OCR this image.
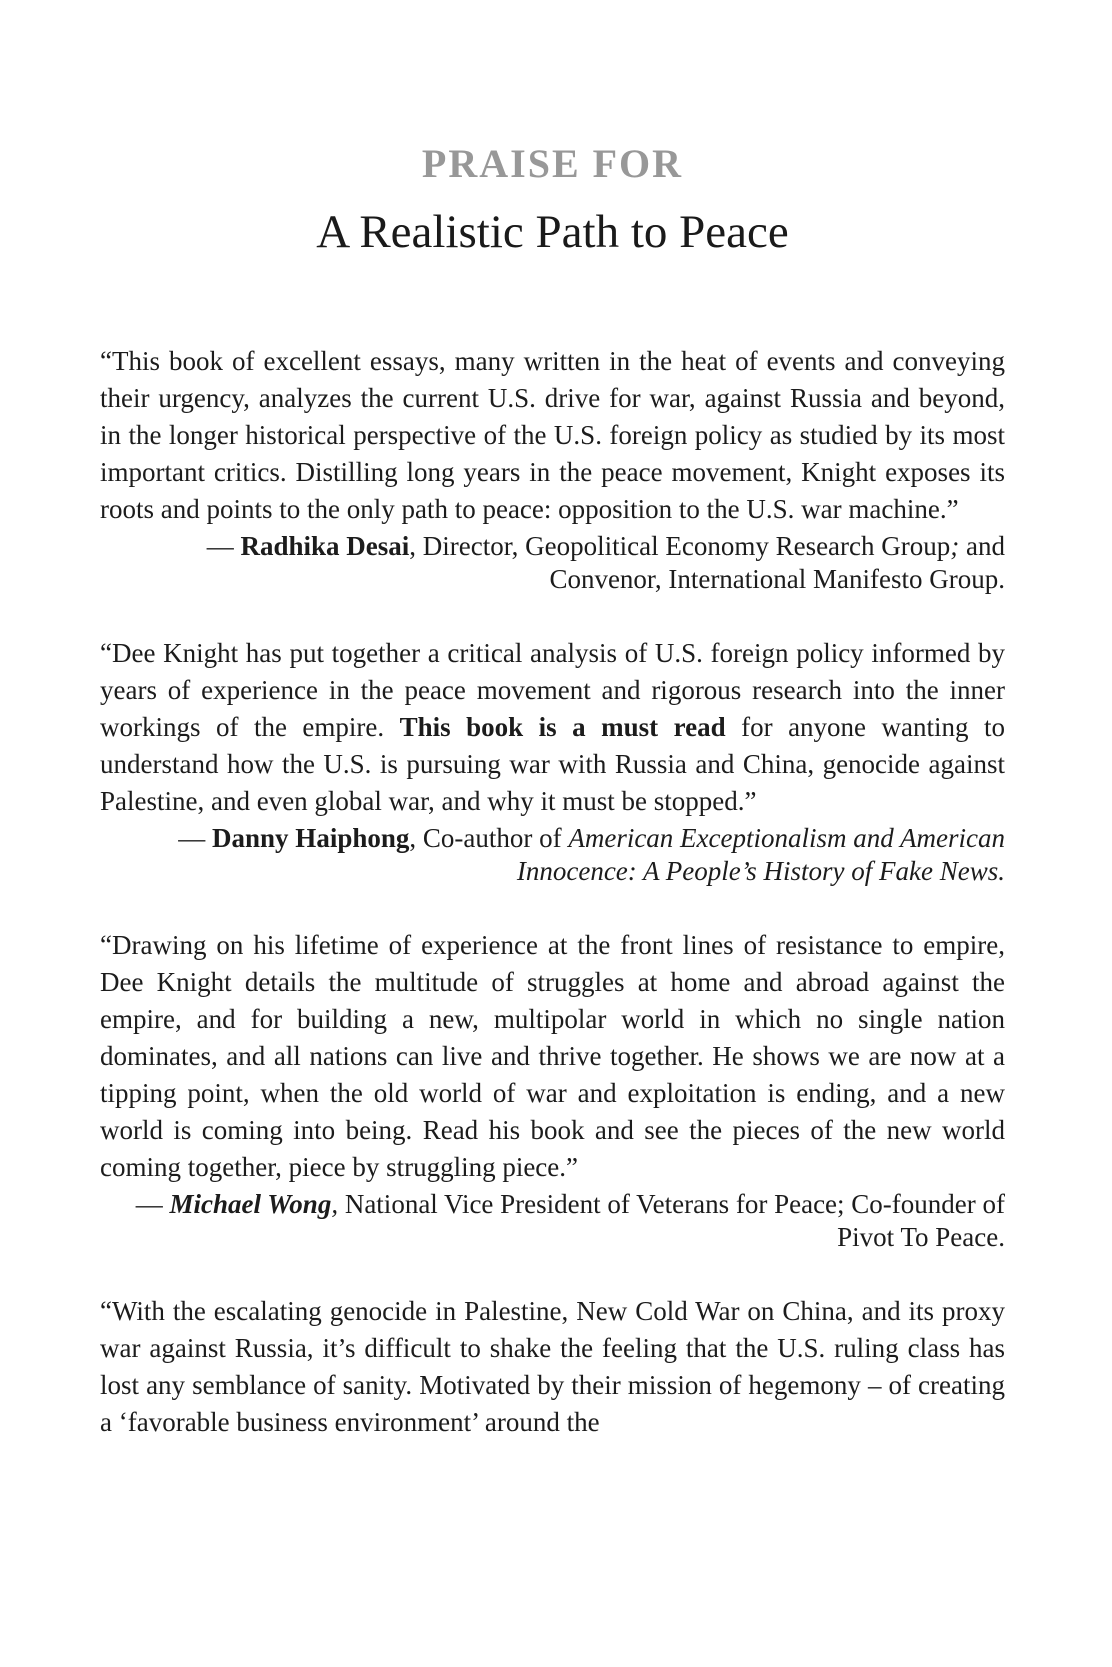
PRAISE FOR
A Realistic Path to Peace

“This book of excellent essays, many written in the heat of events and conveying their urgency, analyzes the current U.S. drive for war, against Russia and beyond, in the longer historical perspective of the U.S. foreign policy as studied by its most important critics. Distilling long years in the peace movement, Knight exposes its roots and points to the only path to peace: opposition to the U.S. war machine.”

— Radhika Desai, Director, Geopolitical Economy Research Group; and
Convenor, International Manifesto Group.

“Dee Knight has put together a critical analysis of U.S. foreign policy informed by years of experience in the peace movement and rigorous research into the inner workings of the empire. This book is a must read for anyone wanting to understand how the U.S. is pursuing war with Russia and China, genocide against Palestine, and even global war, and why it must be stopped.”

— Danny Haiphong, Co-author of American Exceptionalism and American
Innocence: A People’s History of Fake News.

“Drawing on his lifetime of experience at the front lines of resistance to empire, Dee Knight details the multitude of struggles at home and abroad against the empire, and for building a new, multipolar world in which no single nation dominates, and all nations can live and thrive together. He shows we are now at a tipping point, when the old world of war and exploitation is ending, and a new world is coming into being. Read his book and see the pieces of the new world coming together, piece by struggling piece.”

— Michael Wong, National Vice President of Veterans for Peace; Co-founder of
Pivot To Peace.

“With the escalating genocide in Palestine, New Cold War on China, and its proxy war against Russia, it’s difficult to shake the feeling that the U.S. ruling class has lost any semblance of sanity. Motivated by their mission of hegemony – of creating a ‘favorable business environment’ around the
